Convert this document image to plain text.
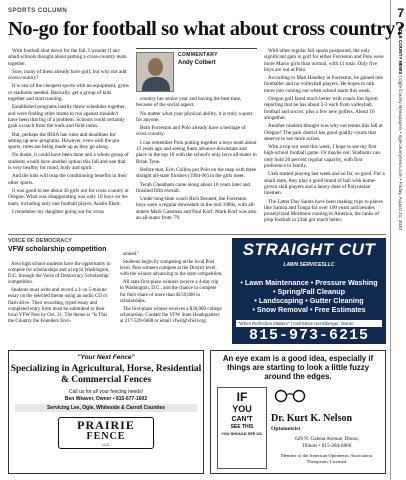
7
ODLE COUNTY NEWS | Ogle County Newspapers • oglecountynews.com • Friday, August 21, 2020
SPORTS COLUMN
No-go for football so what about cross country?

With football shut down for the fall, I wonder if any small schools thought about putting a cross-country team together.

Sure, many of them already have golf, but why not add cross-country?

It is one of the cheapest sports with no equipment, gyms or stadiums needed. Basically, get a group of kids together and start running.

Established programs hastily threw schedules together, and were finding other teams to run against shouldn't have been that big of a problem. Schools could certainly grab a coach from the track and field ranks.

But, perhaps the IHSA has rules and deadlines for setting up new programs. However, even with the pro sports, rules are being made up as they go along.

No doubt, it could have been done and a whole group of students would have another option this fall and one that is very healthy for mind, body and spirit.

And the kids will reap the conditioning benefits in their other sports.

It was good to see about 30 girls out for cross country at Oregon. What was disappointing was only 10 boys on the team, including only one football player, Austin Ebert.

I remember my daughter going out for cross

COMMENTARY
Andy Colbert

country her senior year and having the best time, because of the social aspect.

No matter what your physical ability, it is truly a sport for anyone.

Both Forreston and Polo already have a heritage of cross country.

I can remember Polo putting together a boys team about 15 years ago and seeing them advance downstate and place in the top 10 with the school's only boys all-stater in Brian Tyne.

Before that, Erin Collins put Polo on the map with three straight all-state finishes (1994-96) in the girls meet.

Terah Cheatham came along about 10 years later and finished fifth overall.

Under long-time coach Rich Bennett, the Forreston boys were a regular downstate in the mid 1980s, with all-staters Mark Gassman and Paul Korf. Mark Korf was also an all-stater from '79.

With other regular fall sports postponed, the only significant gain in golf for either Forreston and Polo were more Marco girls than normal, with 11 total. Only five boys are out at Polo.

According to Matt Handley at Forreston, he gained one footballer and no volleyball players. He hopes to talk more into coming out when school starts this week.

Oregon golf fared much better with coach Jim Sprott reporting that he has about 2-3 each from volleyball, football and soccer, plus a few new golfers. About 16 altogether.

Another random thought was why not tennis this fall at Oregon? The park district has good quality courts that deserve to see more action.

With a trip out west this week, I hope to see my first high-school football game. Or maybe not. Stadiums can only hold 20 percent regular capacity, with first preference to family.

Utah started playing last week and so far, so good. For a small state, they play a good brand of ball with home-grown skill players and a heavy dose of Polynesian linemen.

The Latter Day Saints have been making trips to places like Samoa and Tonga for over 100 years and besides proselytized Mormons coming to America, the ranks of prep football in Utah got much better.

VOICE OF DEMOCRACY
VFW scholarship competition

Area high school students have the opportunity to compete for scholarships and a trip to Washington, D.C. through the Voice of Democracy Scholarship competition.

Students must write and record a 3- to 5-minute essay on the selected theme using an audio CD or flash drive. Their recording, typed essay and completed entry form must be submitted to their local VFW Post by Oct. 31. The theme is "Is This the Country the Founders Envi-

sioned."

Students begin by competing at the local Post level. Post winners compete at the District level, with the winner advancing to the state competition.

All state first-place winners receive a 4-day trip to Washington, D.C., and the chance to compete for their share of more than $150,000 in scholarships.

The first-place winner receives a $30,000 college scholarship. Contact the VFW State Headquarters at 217-529-6688 or email vfwil@vfwil.org.

STRAIGHT CUT
$^{LAWN SERVICESLLC}$
• Lawn Maintenance • Pressure Washing
• Spring/Fall Cleanup
• Landscaping • Gutter Cleaning
• Snow Removal • Free Estimates
"When Perfection Matters" | Call Steve Hershberger, Owner
815-973-6215
"Your Next Fence"
Specializing in Agricultural, Horse, Residential & Commercial Fences
Call us for all your fencing needs!
Ben Weaver, Owner • 815-677-1602
Servicing Lee, Ogle, Whiteside & Carroll Counties
PRAIRIE
FENCE
LLC
An eye exam is a good idea, especially if things are starting to look a little fuzzy around the edges.
IF
YOU
CAN'T
SEE THIS
YOU SHOULD SEE US.
Dr. Kurt K. Nelson
Optometrist
629 N. Galena Avenue, Dixon,
Illinois • 815-284-6866
Member of the American Optometric Association.
Therapeutic Licensed.
